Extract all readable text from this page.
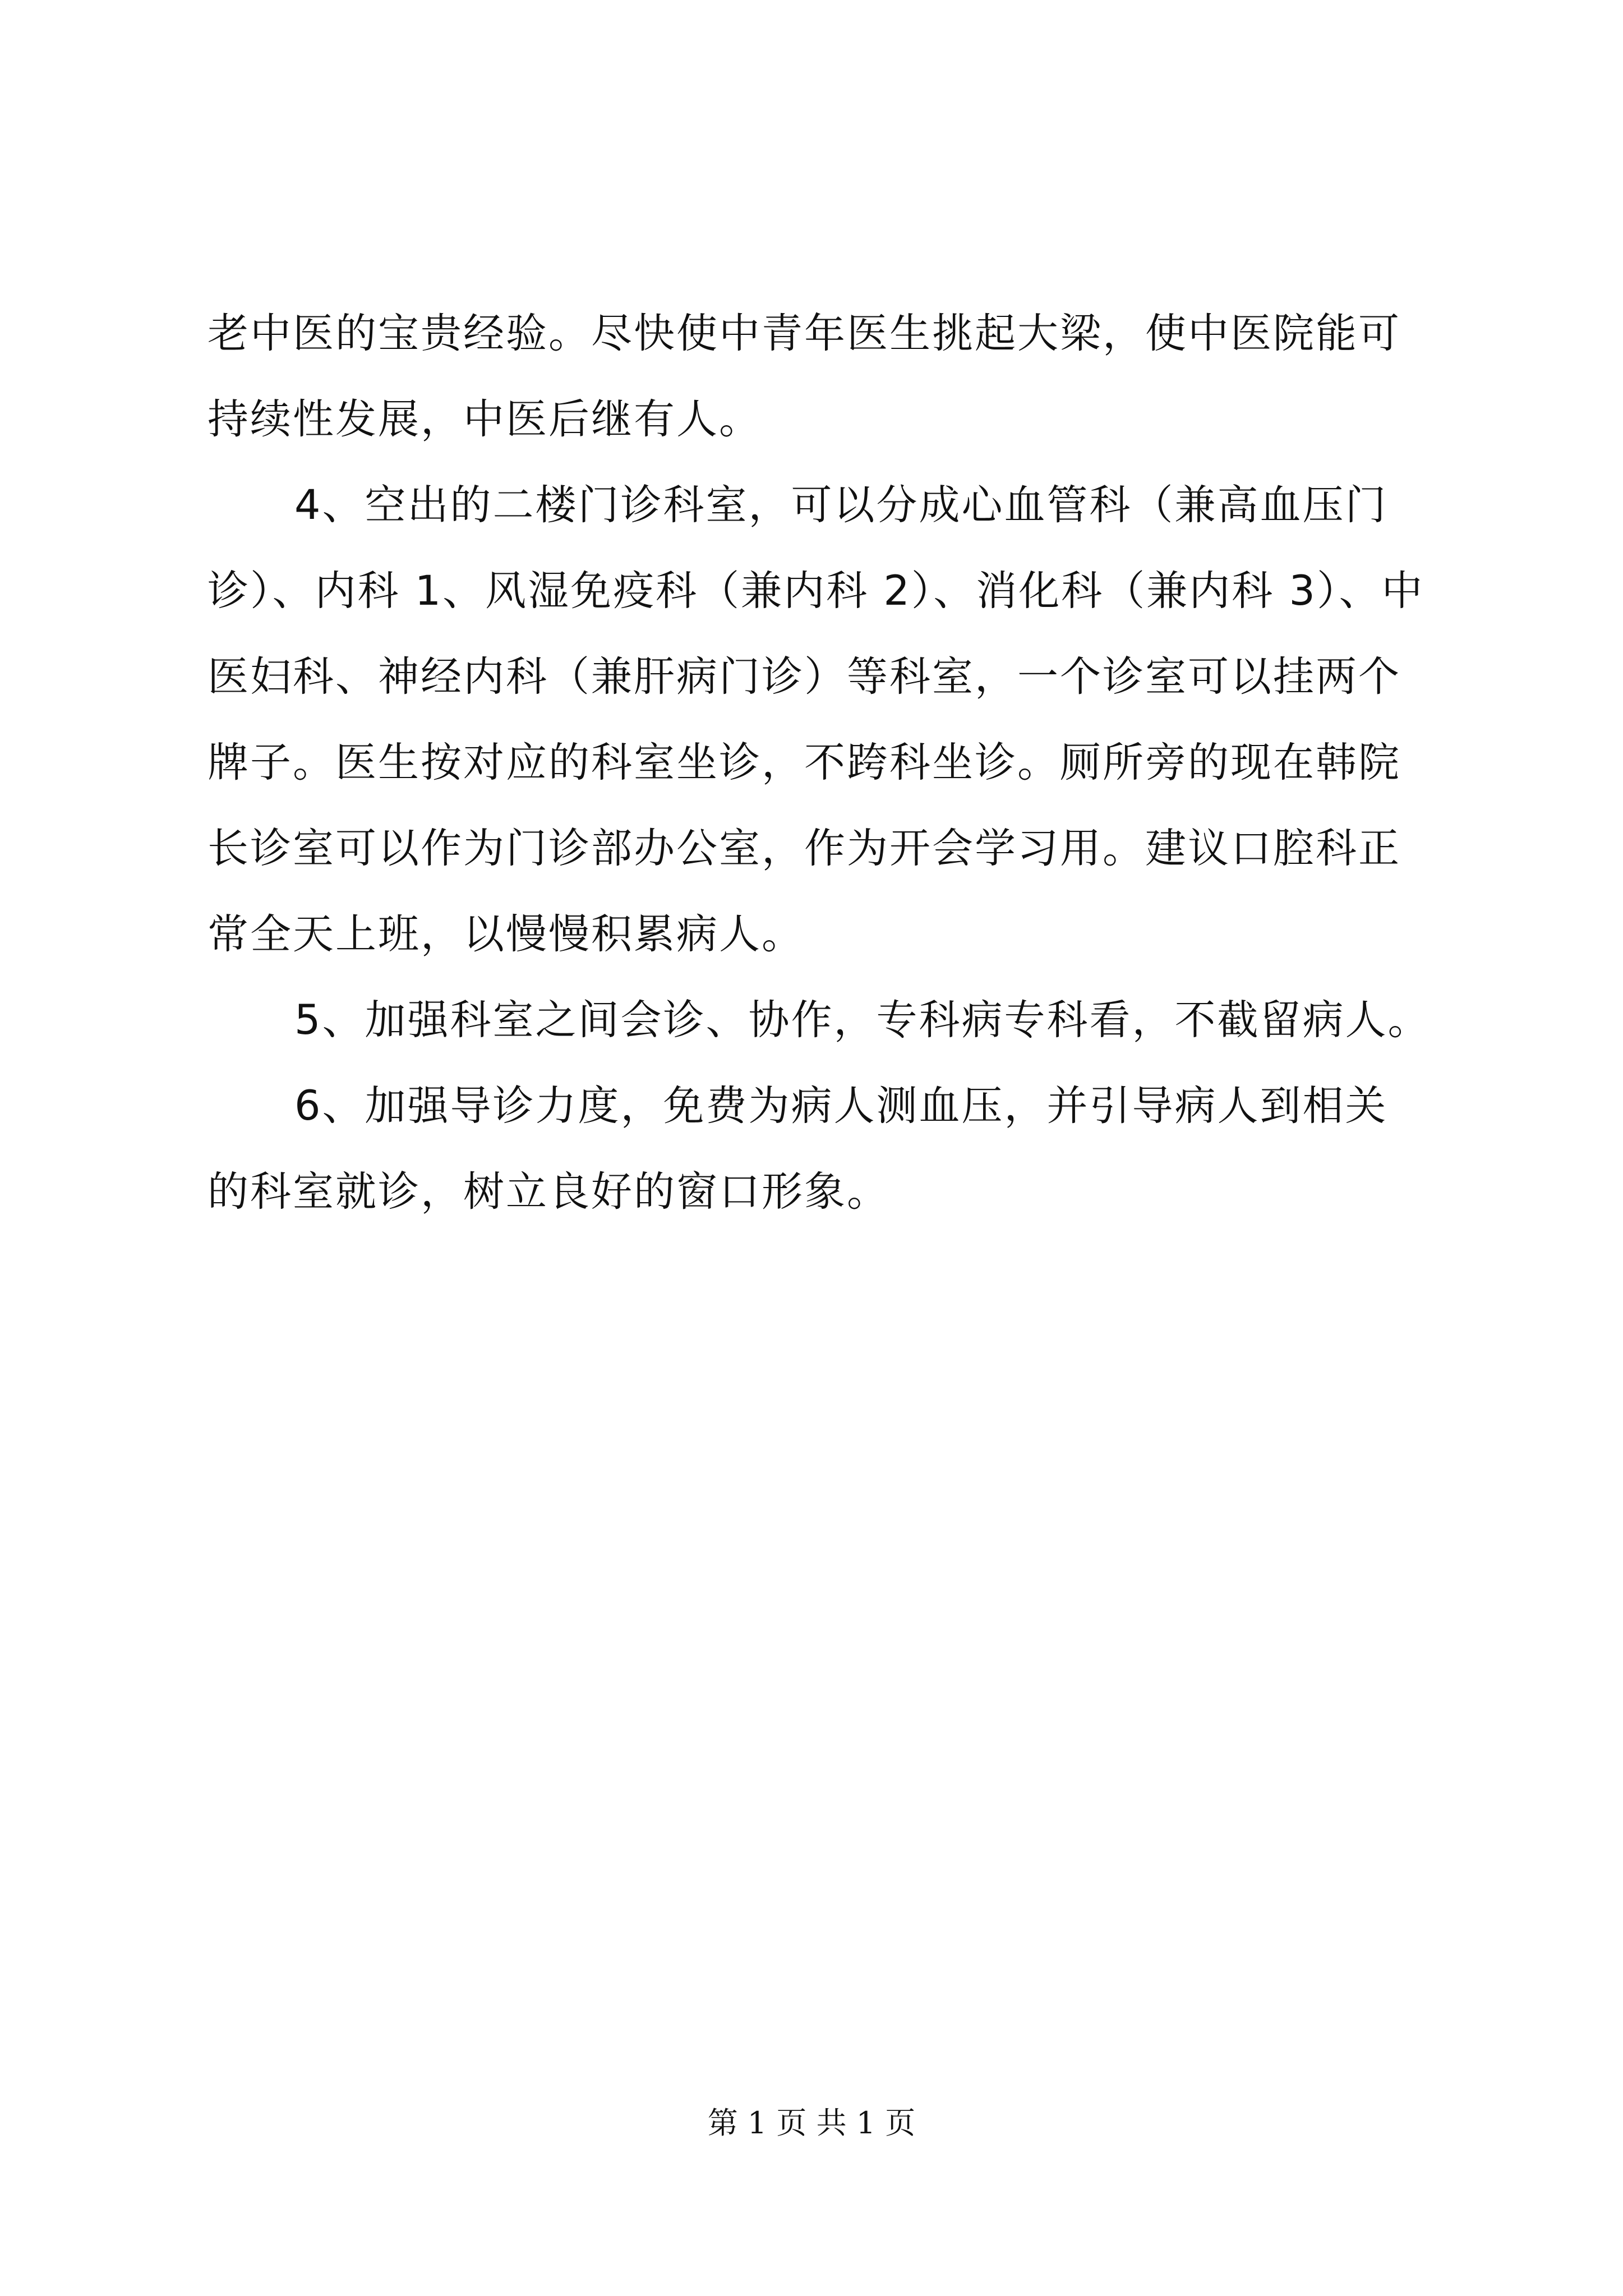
老中医的宝贵经验。尽快使中青年医生挑起大梁，使中医院能可
持续性发展，中医后继有人。
4、空出的二楼门诊科室，可以分成心血管科（兼高血压门
诊）、内科 1、风湿免疫科（兼内科 2）、消化科（兼内科 3）、中
医妇科、神经内科（兼肝病门诊）等科室，一个诊室可以挂两个
牌子。医生按对应的科室坐诊，不跨科坐诊。厕所旁的现在韩院
长诊室可以作为门诊部办公室，作为开会学习用。建议口腔科正
常全天上班，以慢慢积累病人。
5、加强科室之间会诊、协作，专科病专科看，不截留病人。
6、加强导诊力度，免费为病人测血压，并引导病人到相关
的科室就诊，树立良好的窗口形象。
第 1 页 共 1 页
